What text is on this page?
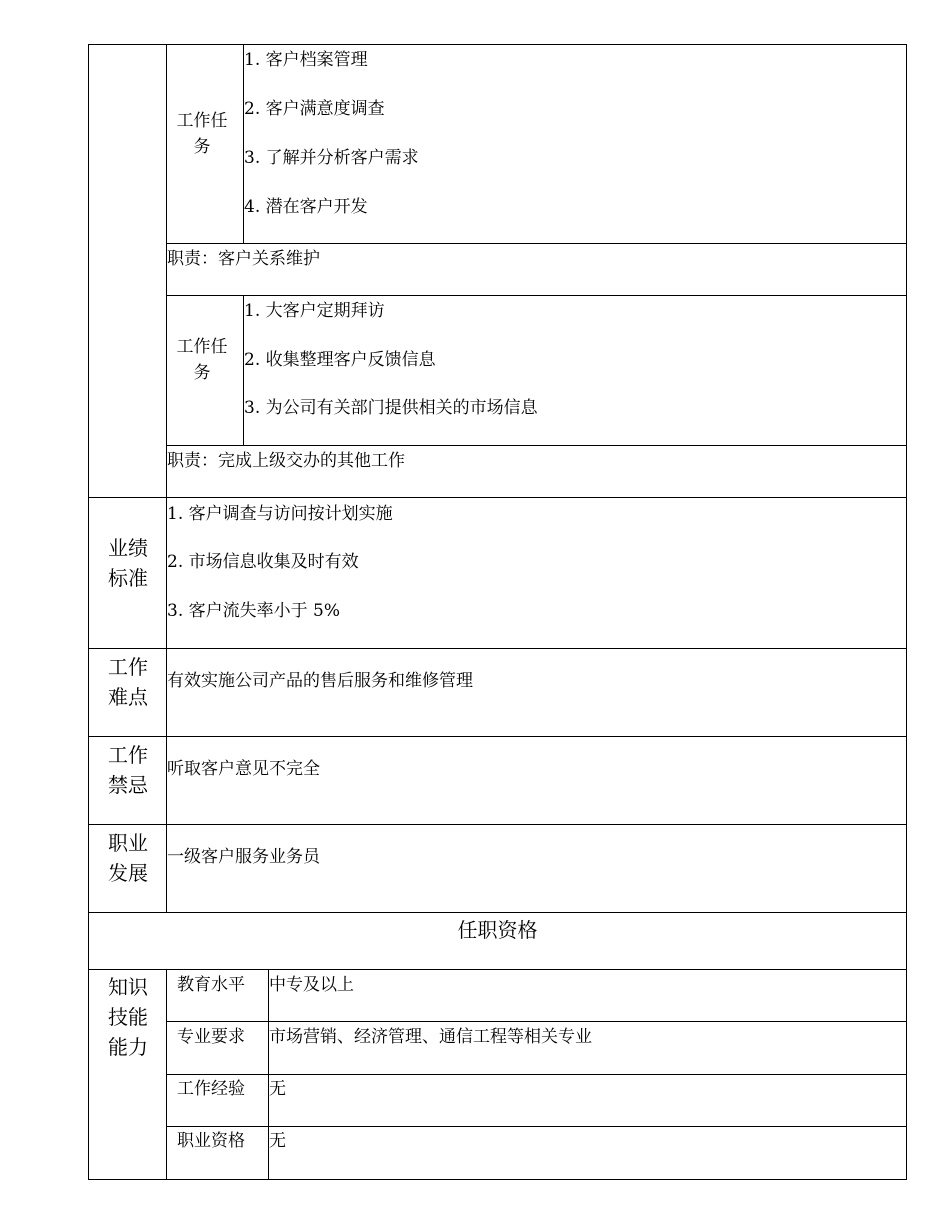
工作任务
1. 客户档案管理
2. 客户满意度调查
3. 了解并分析客户需求
4. 潜在客户开发
职责：客户关系维护
工作任务
1. 大客户定期拜访
2. 收集整理客户反馈信息
3. 为公司有关部门提供相关的市场信息
职责：完成上级交办的其他工作
业绩标准
1. 客户调查与访问按计划实施
2. 市场信息收集及时有效
3. 客户流失率小于 5%
工作难点
有效实施公司产品的售后服务和维修管理
工作禁忌
听取客户意见不完全
职业发展
一级客户服务业务员
任职资格
知识技能能力
教育水平 中专及以上
专业要求 市场营销、经济管理、通信工程等相关专业
工作经验 无
职业资格 无
